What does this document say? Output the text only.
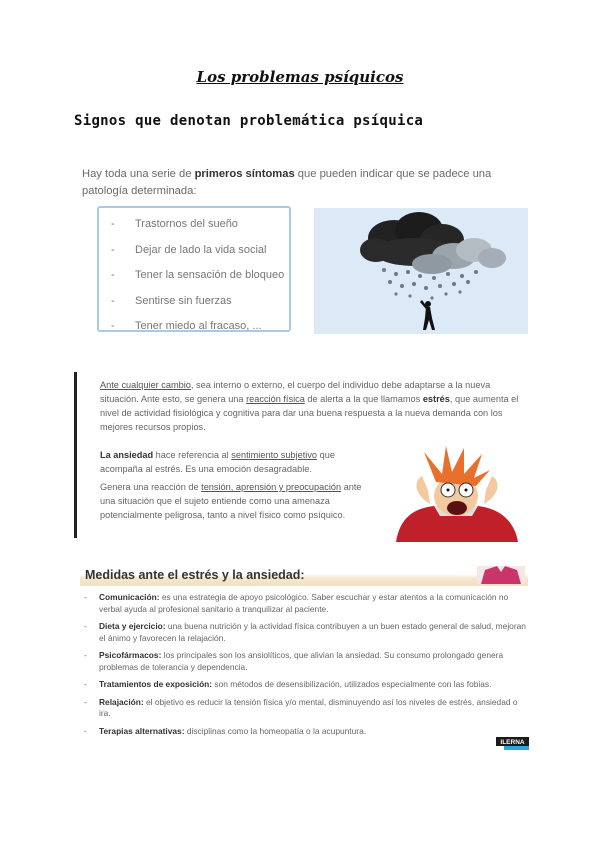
Los problemas psíquicos
Signos que denotan problemática psíquica
Hay toda una serie de primeros síntomas que pueden indicar que se padece una patología determinada:
- Trastornos del sueño
- Dejar de lado la vida social
- Tener la sensación de bloqueo
- Sentirse sin fuerzas
- Tener miedo al fracaso, ...
Ante cualquier cambio, sea interno o externo, el cuerpo del individuo debe adaptarse a la nueva situación. Ante esto, se genera una reacción física de alerta a la que llamamos estrés, que aumenta el nivel de actividad fisiológica y cognitiva para dar una buena respuesta a la nueva demanda con los mejores recursos propios.
La ansiedad hace referencia al sentimiento subjetivo que acompaña al estrés. Es una emoción desagradable.
Genera una reacción de tensión, aprensión y preocupación ante una situación que el sujeto entiende como una amenaza potencialmente peligrosa, tanto a nivel físico como psíquico.
Medidas ante el estrés y la ansiedad:
- Comunicación: es una estrategia de apoyo psicológico. Saber escuchar y estar atentos a la comunicación no verbal ayuda al profesional sanitario a tranquilizar al paciente.
- Dieta y ejercicio: una buena nutrición y la actividad física contribuyen a un buen estado general de salud, mejoran el ánimo y favorecen la relajación.
- Psicofármacos: los principales son los ansiolíticos, que alivian la ansiedad. Su consumo prolongado genera problemas de tolerancia y dependencia.
- Tratamientos de exposición: son métodos de desensibilización, utilizados especialmente con las fobias.
- Relajación: el objetivo es reducir la tensión física y/o mental, disminuyendo así los niveles de estrés, ansiedad o ira.
- Terapias alternativas: disciplinas como la homeopatía o la acupuntura.
ILERNA
